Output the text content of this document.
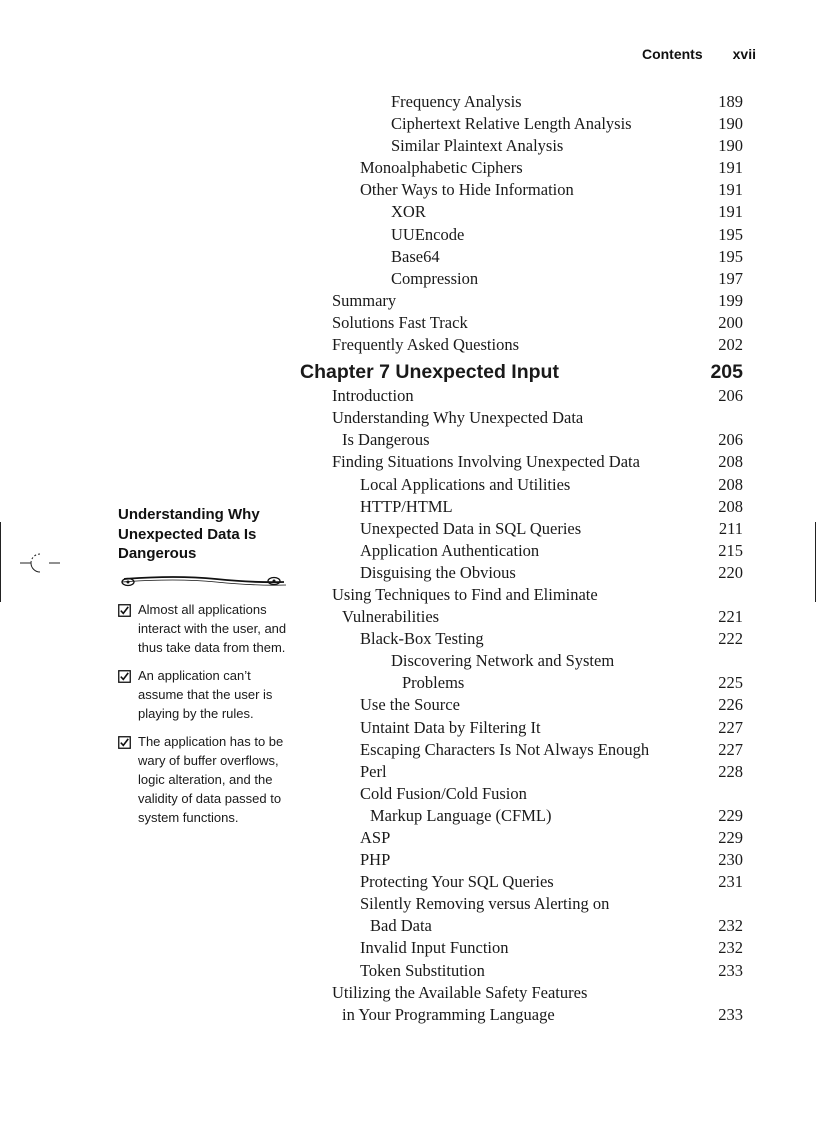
Contents xvii
Frequency Analysis	189
Ciphertext Relative Length Analysis	190
Similar Plaintext Analysis	190
Monoalphabetic Ciphers	191
Other Ways to Hide Information	191
XOR	191
UUEncode	195
Base64	195
Compression	197
Summary	199
Solutions Fast Track	200
Frequently Asked Questions	202
Chapter 7 Unexpected Input	205
Introduction	206
Understanding Why Unexpected Data
Is Dangerous	206
Finding Situations Involving Unexpected Data	208
Local Applications and Utilities	208
HTTP/HTML	208
Unexpected Data in SQL Queries	211
Application Authentication	215
Disguising the Obvious	220
Using Techniques to Find and Eliminate
Vulnerabilities	221
Black-Box Testing	222
Discovering Network and System
Problems	225
Use the Source	226
Untaint Data by Filtering It	227
Escaping Characters Is Not Always Enough	227
Perl	228
Cold Fusion/Cold Fusion
Markup Language (CFML)	229
ASP	229
PHP	230
Protecting Your SQL Queries	231
Silently Removing versus Alerting on
Bad Data	232
Invalid Input Function	232
Token Substitution	233
Utilizing the Available Safety Features
in Your Programming Language	233
Understanding Why Unexpected Data Is Dangerous
Almost all applications interact with the user, and thus take data from them.
An application can’t assume that the user is playing by the rules.
The application has to be wary of buffer overflows, logic alteration, and the validity of data passed to system functions.
